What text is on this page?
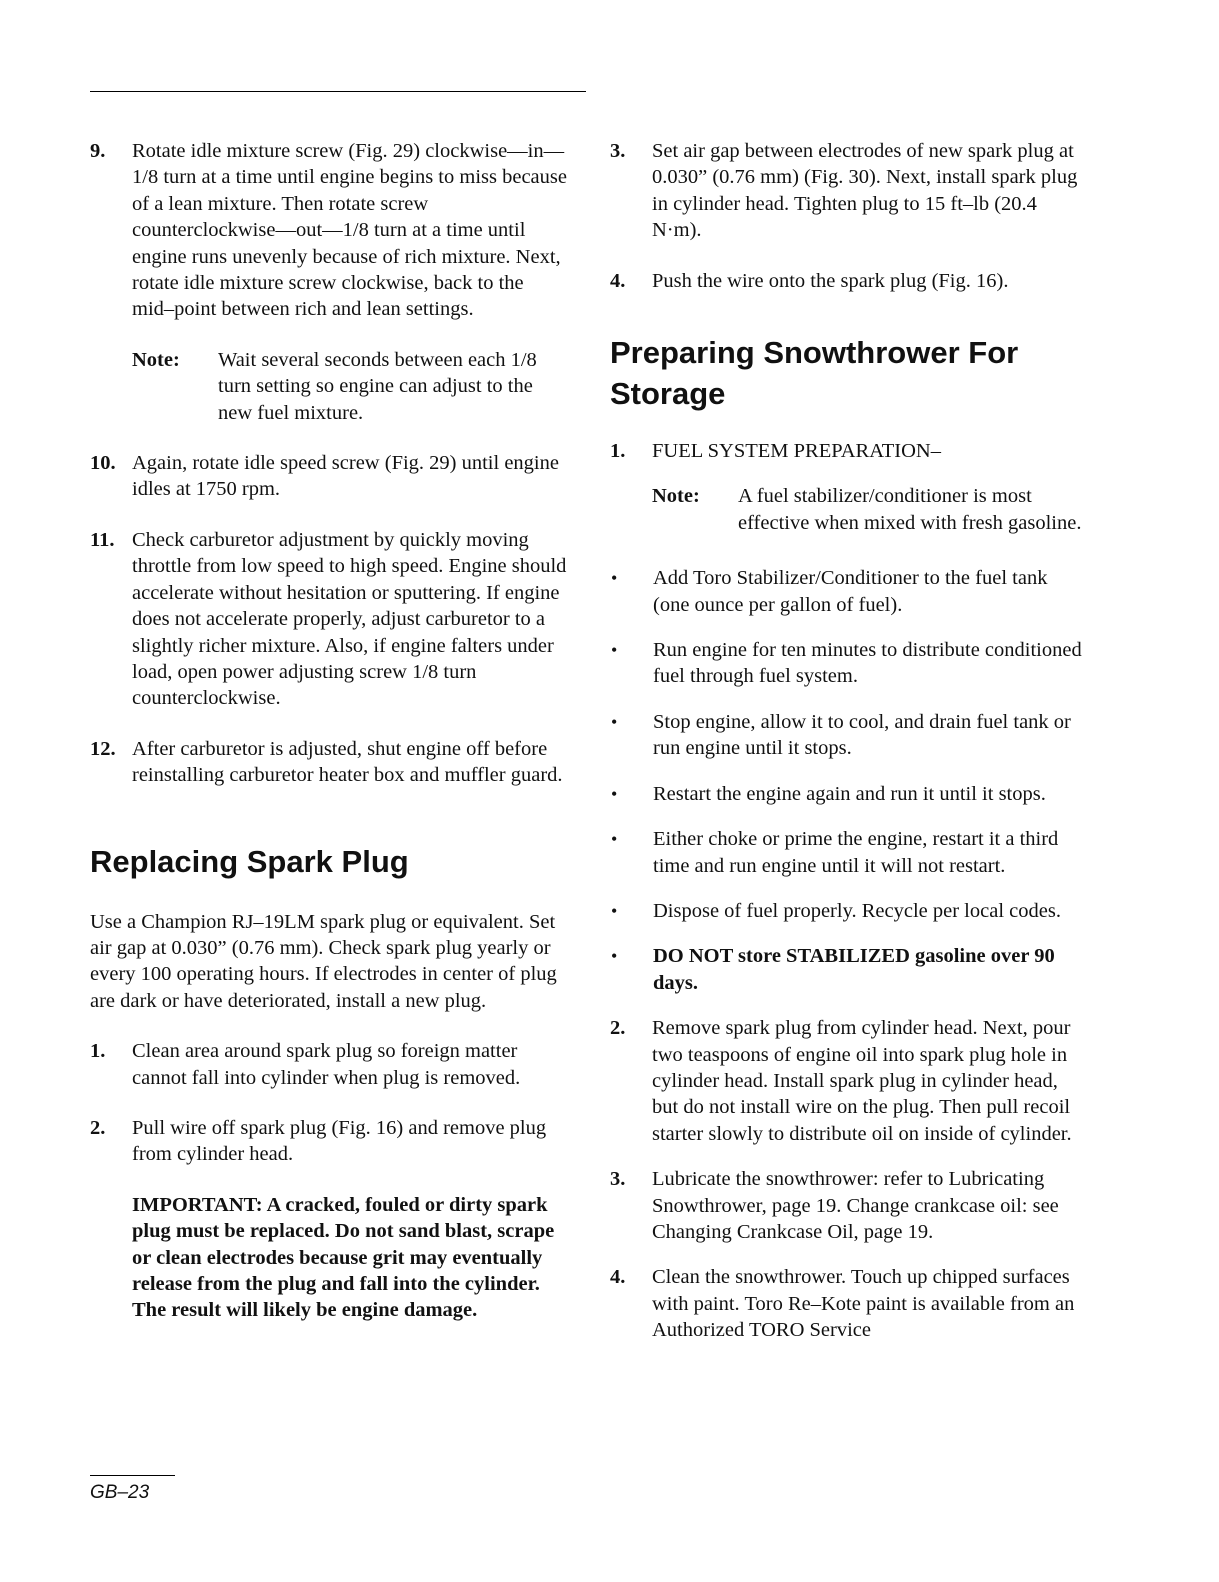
9.	Rotate idle mixture screw (Fig. 29) clockwise—in—1/8 turn at a time until engine begins to miss because of a lean mixture. Then rotate screw counterclockwise—out—1/8 turn at a time until engine runs unevenly because of rich mixture. Next, rotate idle mixture screw clockwise, back to the mid–point between rich and lean settings.
Note:	Wait several seconds between each 1/8 turn setting so engine can adjust to the new fuel mixture.
10. Again, rotate idle speed screw (Fig. 29) until engine idles at 1750 rpm.
11. Check carburetor adjustment by quickly moving throttle from low speed to high speed. Engine should accelerate without hesitation or sputtering. If engine does not accelerate properly, adjust carburetor to a slightly richer mixture. Also, if engine falters under load, open power adjusting screw 1/8 turn counterclockwise.
12. After carburetor is adjusted, shut engine off before reinstalling carburetor heater box and muffler guard.
Replacing Spark Plug
Use a Champion RJ–19LM spark plug or equivalent. Set air gap at 0.030” (0.76 mm). Check spark plug yearly or every 100 operating hours. If electrodes in center of plug are dark or have deteriorated, install a new plug.
1.	Clean area around spark plug so foreign matter cannot fall into cylinder when plug is removed.
2.	Pull wire off spark plug (Fig. 16) and remove plug from cylinder head.
IMPORTANT: A cracked, fouled or dirty spark plug must be replaced. Do not sand blast, scrape or clean electrodes because grit may eventually release from the plug and fall into the cylinder. The result will likely be engine damage.
3.	Set air gap between electrodes of new spark plug at 0.030” (0.76 mm) (Fig. 30). Next, install spark plug in cylinder head. Tighten plug to 15 ft–lb (20.4 N·m).
4.	Push the wire onto the spark plug (Fig. 16).
Preparing Snowthrower For Storage
1.	FUEL SYSTEM PREPARATION–
Note:	A fuel stabilizer/conditioner is most effective when mixed with fresh gasoline.
•	Add Toro Stabilizer/Conditioner to the fuel tank (one ounce per gallon of fuel).
•	Run engine for ten minutes to distribute conditioned fuel through fuel system.
•	Stop engine, allow it to cool, and drain fuel tank or run engine until it stops.
•	Restart the engine again and run it until it stops.
•	Either choke or prime the engine, restart it a third time and run engine until it will not restart.
•	Dispose of fuel properly. Recycle per local codes.
•	DO NOT store STABILIZED gasoline over 90 days.
2.	Remove spark plug from cylinder head. Next, pour two teaspoons of engine oil into spark plug hole in cylinder head. Install spark plug in cylinder head, but do not install wire on the plug. Then pull recoil starter slowly to distribute oil on inside of cylinder.
3.	Lubricate the snowthrower: refer to Lubricating Snowthrower, page 19. Change crankcase oil: see Changing Crankcase Oil, page 19.
4.	Clean the snowthrower. Touch up chipped surfaces with paint. Toro Re–Kote paint is available from an Authorized TORO Service
GB–23
